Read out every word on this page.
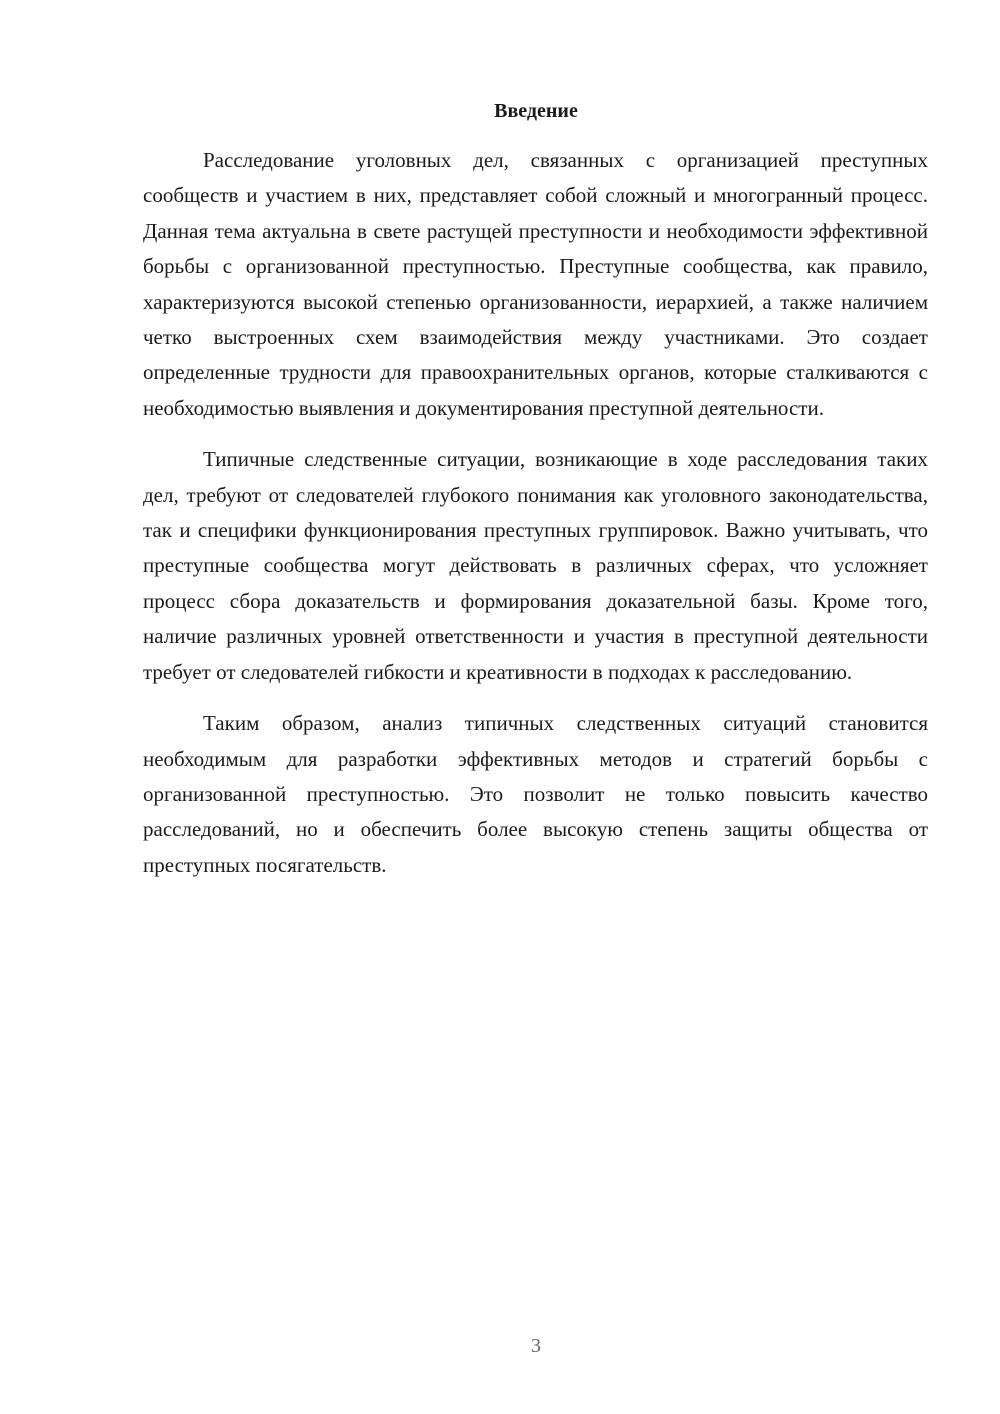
Введение

Расследование уголовных дел, связанных с организацией преступных сообществ и участием в них, представляет собой сложный и многогранный процесс. Данная тема актуальна в свете растущей преступности и необходимости эффективной борьбы с организованной преступностью. Преступные сообщества, как правило, характеризуются высокой степенью организованности, иерархией, а также наличием четко выстроенных схем взаимодействия между участниками. Это создает определенные трудности для правоохранительных органов, которые сталкиваются с необходимостью выявления и документирования преступной деятельности.

Типичные следственные ситуации, возникающие в ходе расследования таких дел, требуют от следователей глубокого понимания как уголовного законодательства, так и специфики функционирования преступных группировок. Важно учитывать, что преступные сообщества могут действовать в различных сферах, что усложняет процесс сбора доказательств и формирования доказательной базы. Кроме того, наличие различных уровней ответственности и участия в преступной деятельности требует от следователей гибкости и креативности в подходах к расследованию.

Таким образом, анализ типичных следственных ситуаций становится необходимым для разработки эффективных методов и стратегий борьбы с организованной преступностью. Это позволит не только повысить качество расследований, но и обеспечить более высокую степень защиты общества от преступных посягательств.

3
